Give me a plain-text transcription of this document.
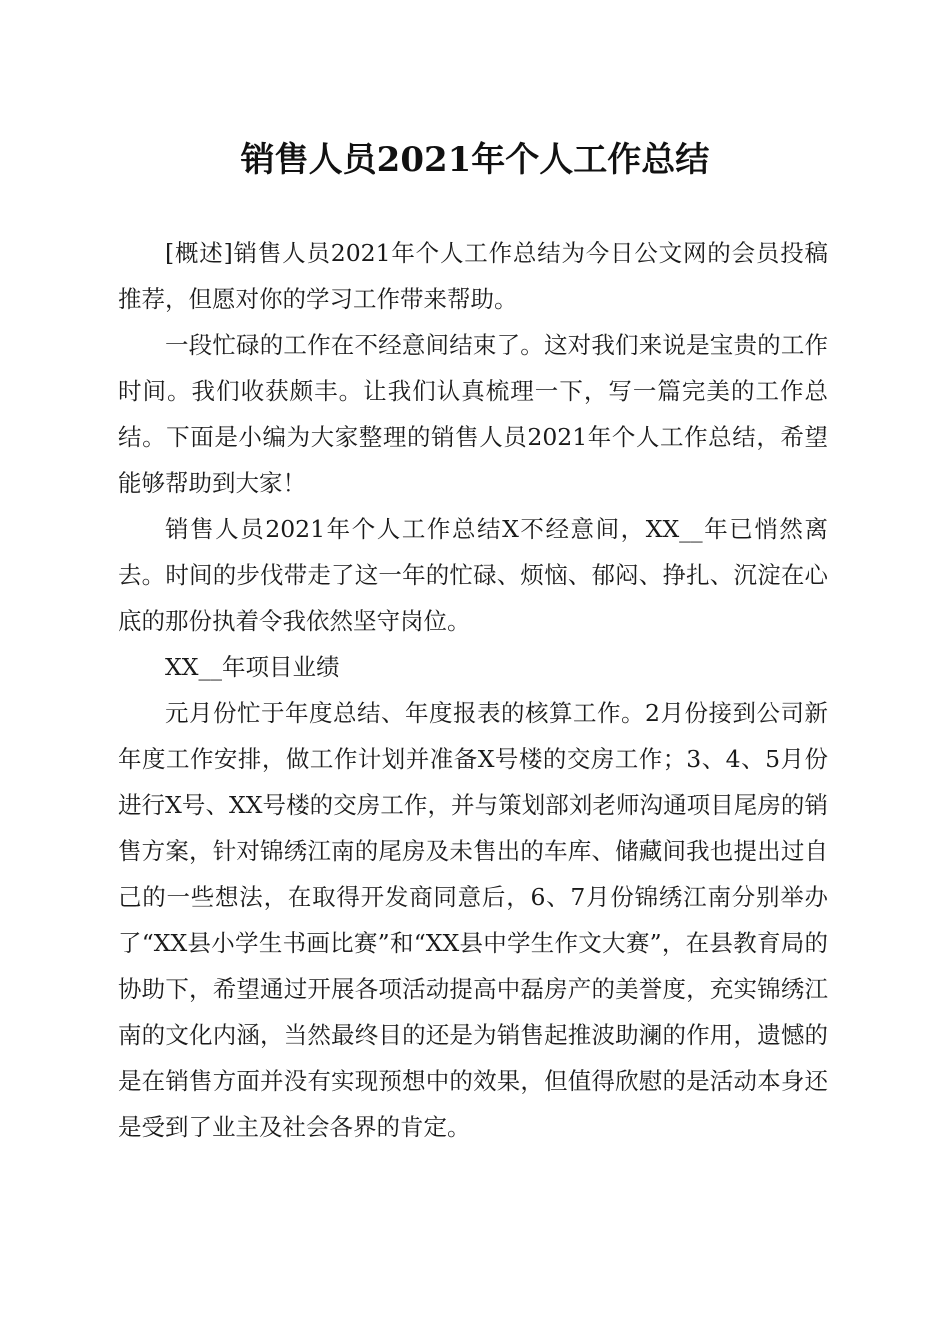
销售人员2021年个人工作总结

[概述]销售人员2021年个人工作总结为今日公文网的会员投稿推荐，但愿对你的学习工作带来帮助。

一段忙碌的工作在不经意间结束了。这对我们来说是宝贵的工作时间。我们收获颇丰。让我们认真梳理一下，写一篇完美的工作总结。下面是小编为大家整理的销售人员2021年个人工作总结，希望能够帮助到大家！

销售人员2021年个人工作总结X不经意间，XX__年已悄然离去。时间的步伐带走了这一年的忙碌、烦恼、郁闷、挣扎、沉淀在心底的那份执着令我依然坚守岗位。

XX__年项目业绩

元月份忙于年度总结、年度报表的核算工作。2月份接到公司新年度工作安排，做工作计划并准备X号楼的交房工作；3、4、5月份进行X号、XX号楼的交房工作，并与策划部刘老师沟通项目尾房的销售方案，针对锦绣江南的尾房及未售出的车库、储藏间我也提出过自己的一些想法，在取得开发商同意后，6、7月份锦绣江南分别举办了“XX县小学生书画比赛”和“XX县中学生作文大赛”，在县教育局的协助下，希望通过开展各项活动提高中磊房产的美誉度，充实锦绣江南的文化内涵，当然最终目的还是为销售起推波助澜的作用，遗憾的是在销售方面并没有实现预想中的效果，但值得欣慰的是活动本身还是受到了业主及社会各界的肯定。
